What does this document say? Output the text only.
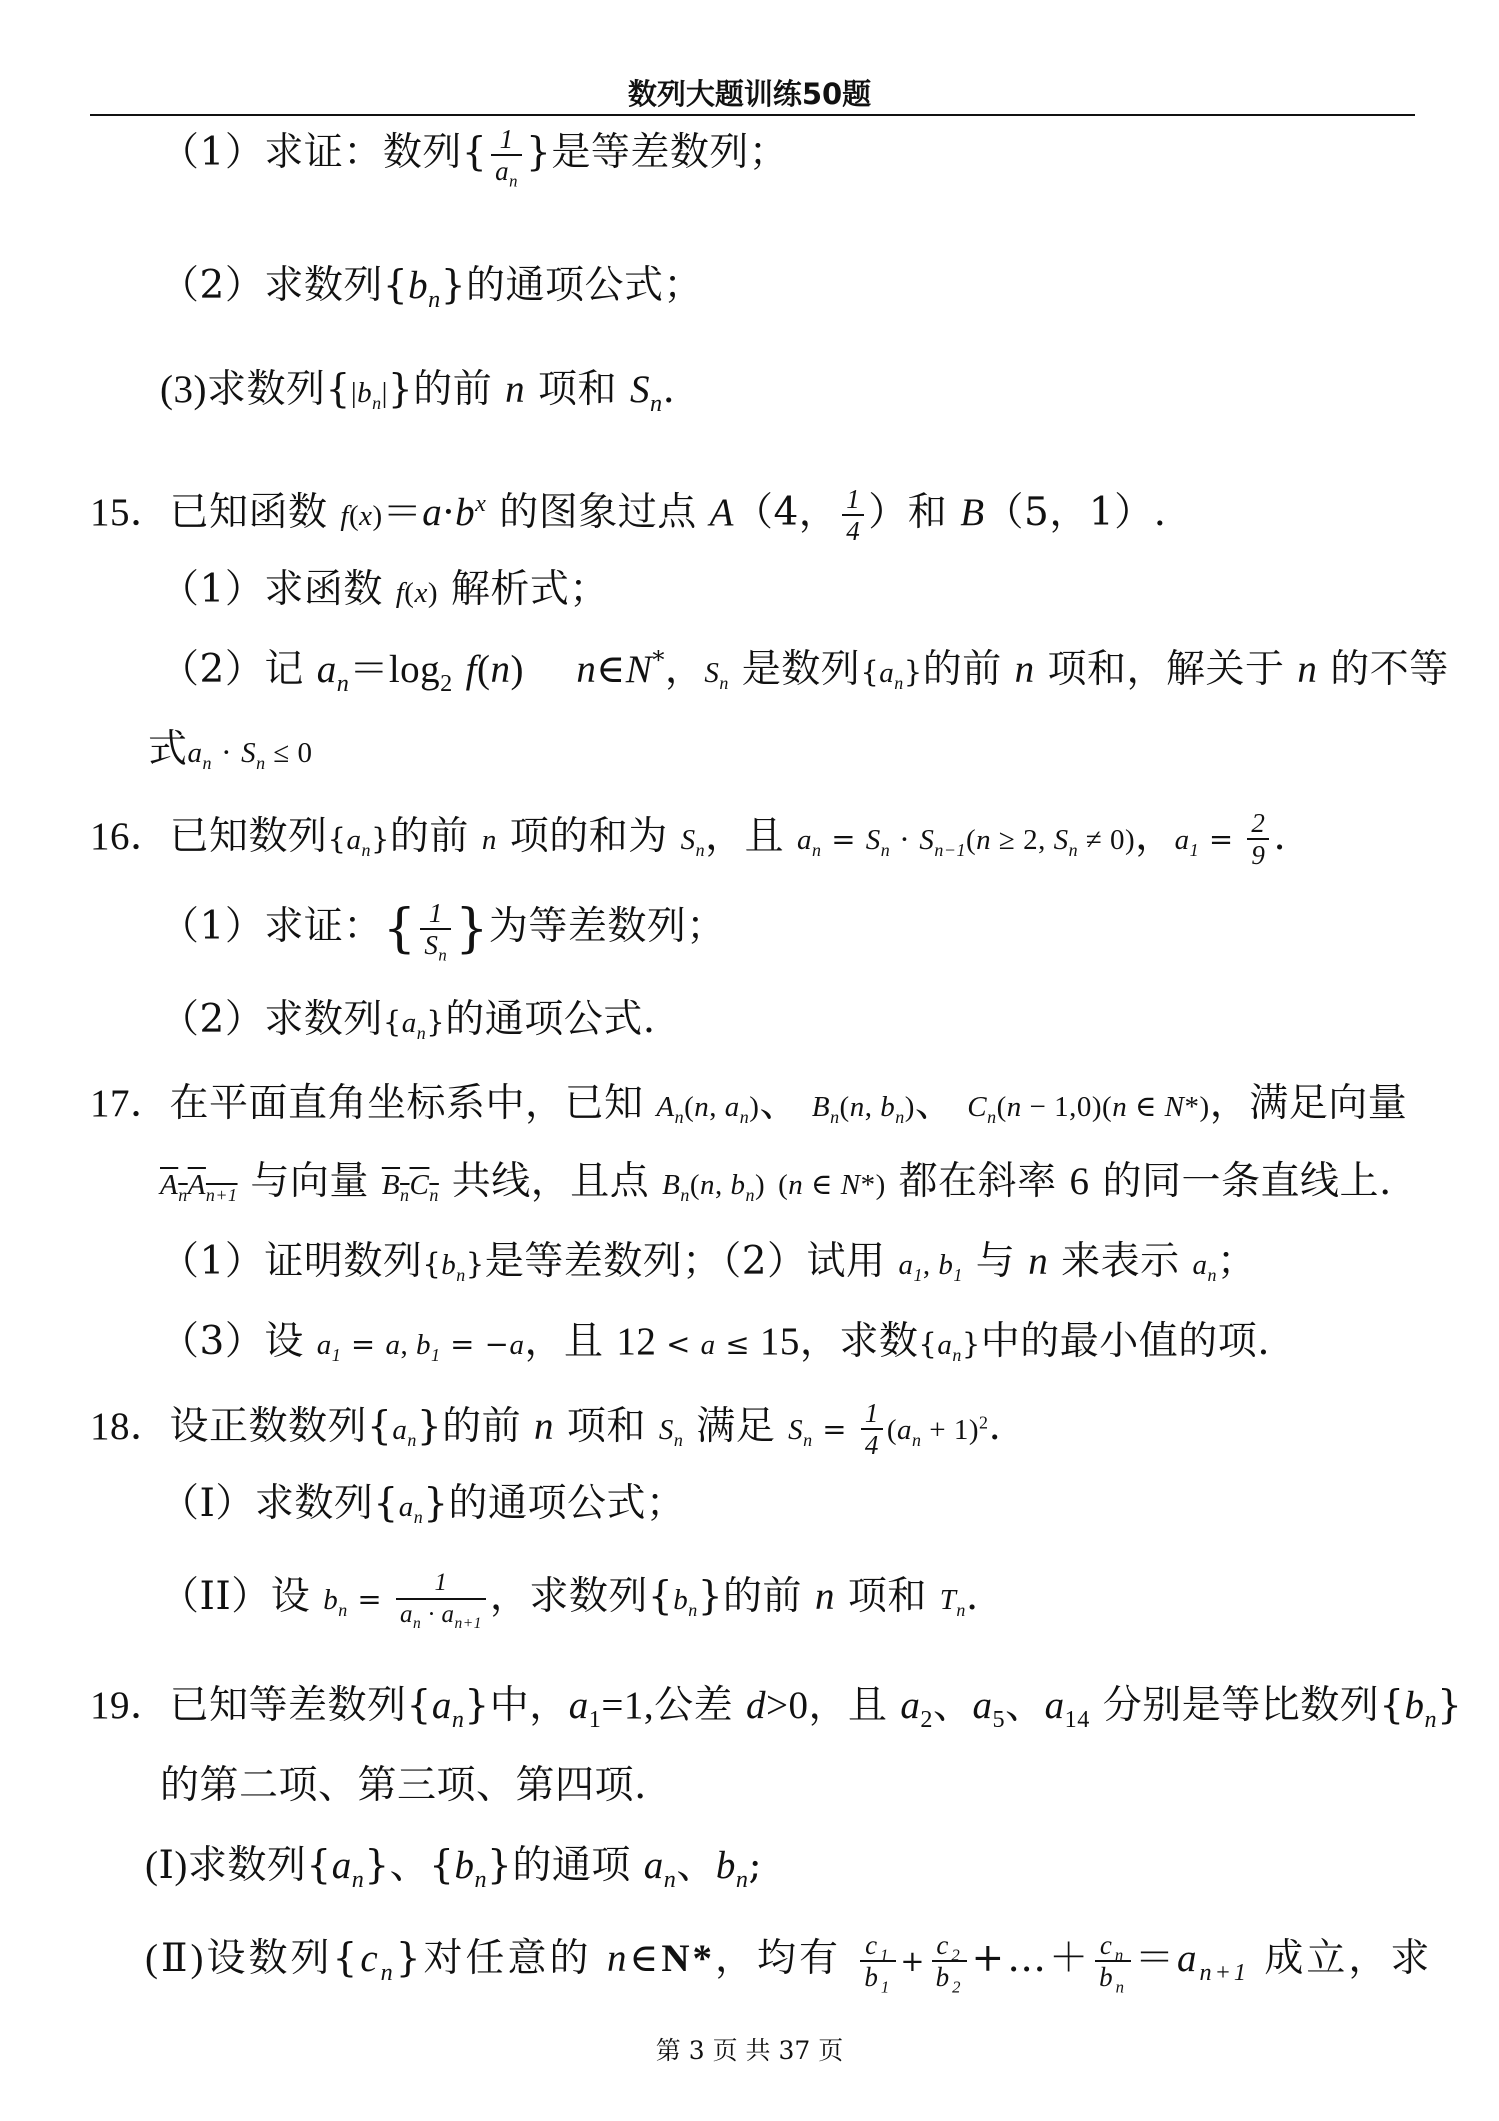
数列大题训练50题
（1）求证：数列{ $\frac{1}{a_n}$ }是等差数列；
（2）求数列$\{b_n\}$的通项公式；
(3)求数列$\{|b_n|\}$的前 n 项和 $S_n$.
15．已知函数 $f(x)=a\cdot b^x$ 的图象过点 A（4， $\frac{1}{4}$ ）和 B（5，1）.
（1）求函数 f(x) 解析式；
（2）记 $a_n=\log_2$ f(n)　 n∈N*，$S_n$ 是数列$\{a_n\}$的前 n 项和，解关于 n 的不等
式$a_n \cdot S_n \le 0$
16．已知数列$\{a_n\}$的前 n 项的和为 $S_n$，且 $a_n = S_n \cdot S_{n-1}(n \ge 2$, $S_n \ne 0$)，$a_1 = \frac{2}{9}$ .
（1）求证：{ $\frac{1}{S_n}$ }为等差数列；
（2）求数列$\{a_n\}$的通项公式.
17．在平面直角坐标系中，已知 $A_n(n$, $a_n$)、 $B_n(n$, $b_n$)、 $C_n(n - 1,0)(n$ ∈ N*)，满足向量
$A_nA_{n+1}$ 与向量 $B_nC_n$ 共线，且点 $B_n(n$, $b_n$) (n ∈ N*) 都在斜率 6 的同一条直线上.
（1）证明数列$\{b_n\}$是等差数列；（2）试用 $a_1$, $b_1$ 与 n 来表示 $a_n$；
（3）设 $a_1 = a$, $b_1 = -a$，且 12 < a ≤ 15，求数$\{a_n\}$中的最小值的项.
18．设正数数列$\{a_n\}$的前 n 项和 $S_n$ 满足 $S_n = \frac{1}{4} (a_n + 1)^2$.
（I）求数列$\{a_n\}$的通项公式；
（II）设 $b_n = \frac{1}{a_n \cdot a_{n+1}}$ ，求数列$\{b_n\}$的前 n 项和 $T_n$.
19．已知等差数列$\{a_n\}$中，$a_1=1$,公差 d>0，且 $a_2$、$a_5$、$a_{14}$ 分别是等比数列$\{b_n\}$
的第二项、第三项、第四项.
(Ⅰ)求数列$\{a_n\}$、$\{b_n\}$的通项 $a_n$、$b_n$;
(Ⅱ)设数列$\{c_n\}$对任意的 n∈N*，均有 $\frac{c_1}{b_1} + \frac{c_2}{b_2}$ +…＋ $\frac{c_n}{b_n} =a_{n+1}$ 成立，求
第 3 页 共 37 页
